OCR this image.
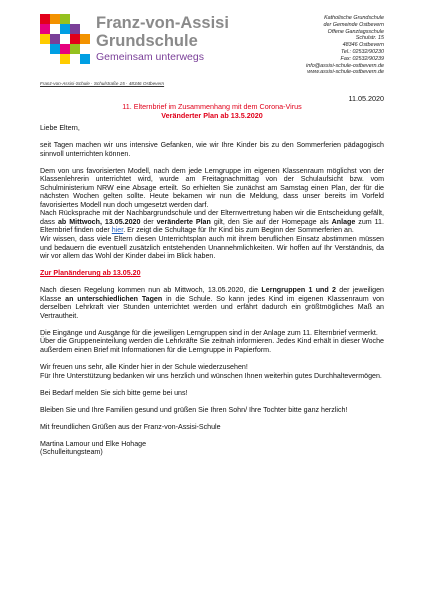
Franz-von-Assisi
Grundschule
Gemeinsam unterwegs
Katholische Grundschule
der Gemeinde Ostbevern
Offene Ganztagsschule
Schulstr. 15
48346 Ostbevern
Tel.: 02532/90230
Fax: 02532/90239
info@assisi-schule-ostbevern.de
www.assisi-schule-ostbevern.de
Franz-von-Assisi-Schule · Schulstraße 15 · 48346 Ostbevern
11.05.2020
11. Elternbrief im Zusammenhang mit dem Corona-Virus
Veränderter Plan ab 13.5.2020

Liebe Eltern,

seit Tagen machen wir uns intensive Gefanken, wie wir Ihre Kinder bis zu den Sommerferien pädagogisch sinnvoll unterrichten können.

Dem von uns favorisierten Modell, nach dem jede Lerngruppe im eigenen Klassenraum möglichst von der Klassenlehrerin unterrichtet wird, wurde am Freitagnachmittag von der Schulaufsicht bzw. vom Schulministerium NRW eine Absage erteilt. So erhielten Sie zunächst am Samstag einen Plan, der für die nächsten Wochen gelten sollte. Heute bekamen wir nun die Meldung, dass unser bereits im Vorfeld favorisiertes Modell nun doch umgesetzt werden darf.

Nach Rücksprache mit der Nachbargrundschule und der Elternvertretung haben wir die Entscheidung gefällt, dass ab Mittwoch, 13.05.2020 der veränderte Plan gilt, den Sie auf der Homepage als Anlage zum 11. Elternbrief finden oder hier. Er zeigt die Schultage für Ihr Kind bis zum Beginn der Sommerferien an.

Wir wissen, dass viele Eltern diesen Unterrichtsplan auch mit ihrem beruflichen Einsatz abstimmen müssen und bedauern die eventuell zusätzlich entstehenden Unannehmlichkeiten. Wir hoffen auf Ihr Verständnis, da wir vor allem das Wohl der Kinder dabei im Blick haben.

Zur Planänderung ab 13.05.20

Nach diesen Regelung kommen nun ab Mittwoch, 13.05.2020, die Lerngruppen 1 und 2 der jeweiligen Klasse an unterschiedlichen Tagen in die Schule. So kann jedes Kind im eigenen Klassenraum von derselben Lehrkraft vier Stunden unterrichtet werden und erfährt dadurch ein größtmögliches Maß an Vertrautheit.

Die Eingänge und Ausgänge für die jeweiligen Lerngruppen sind in der Anlage zum 11. Elternbrief vermerkt.

Über die Gruppeneinteilung werden die Lehrkräfte Sie zeitnah informieren. Jedes Kind erhält in dieser Woche außerdem einen Brief mit Informationen für die Lerngruppe in Papierform.

Wir freuen uns sehr, alle Kinder hier in der Schule wiederzusehen!

Für Ihre Unterstützung bedanken wir uns herzlich und wünschen Ihnen weiterhin gutes Durchhaltevermögen.

Bei Bedarf melden Sie sich bitte gerne bei uns!

Bleiben Sie und Ihre Familien gesund und grüßen Sie Ihren Sohn/ Ihre Tochter bitte ganz herzlich!

Mit freundlichen Grüßen aus der Franz-von-Assisi-Schule

Martina Lamour und Elke Hohage

(Schulleitungsteam)
